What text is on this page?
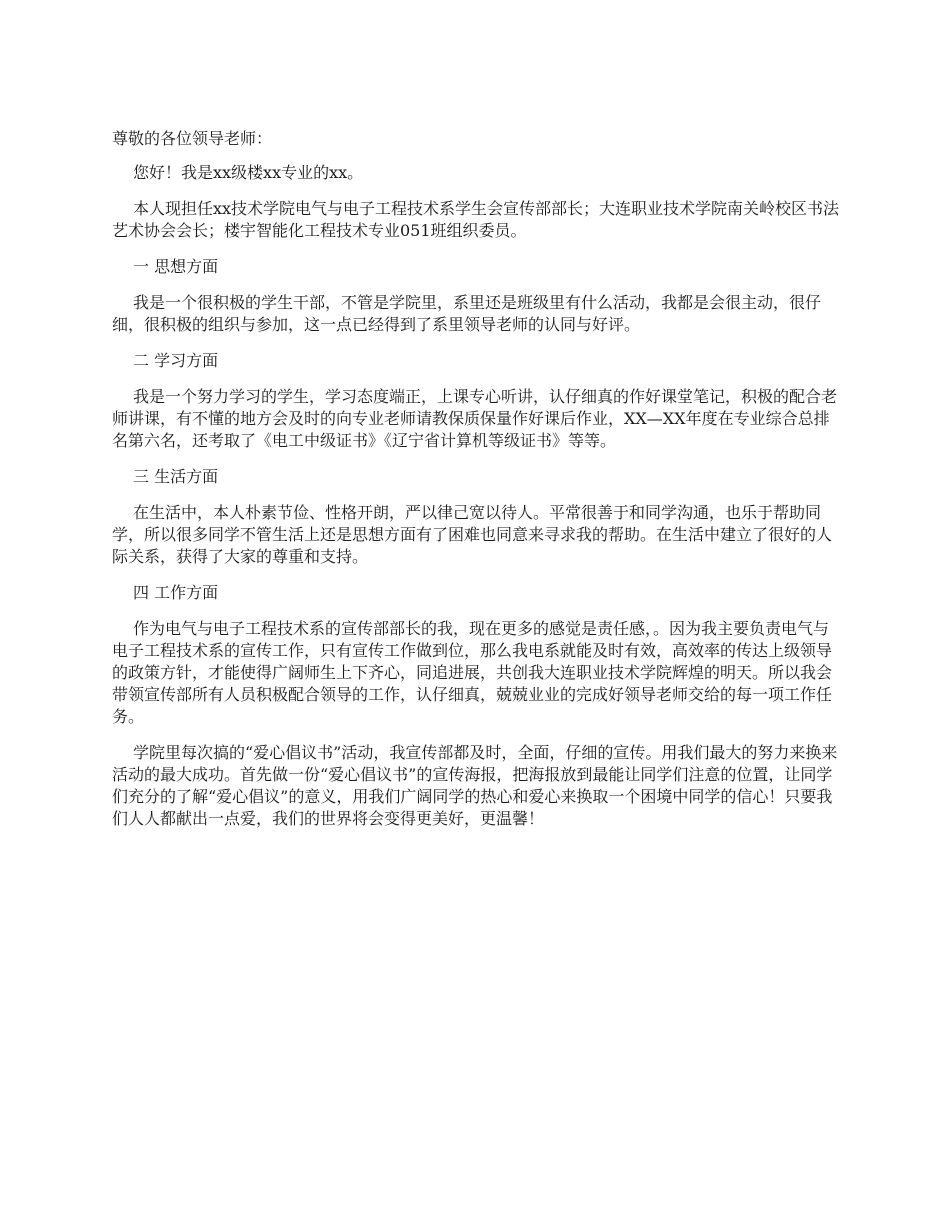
尊敬的各位领导老师：

您好！我是xx级楼xx专业的xx。

本人现担任xx技术学院电气与电子工程技术系学生会宣传部部长；大连职业技术学院南关岭校区书法艺术协会会长；楼宇智能化工程技术专业051班组织委员。

一 思想方面

我是一个很积极的学生干部，不管是学院里，系里还是班级里有什么活动，我都是会很主动，很仔细，很积极的组织与参加，这一点已经得到了系里领导老师的认同与好评。

二 学习方面

我是一个努力学习的学生，学习态度端正，上课专心听讲，认仔细真的作好课堂笔记，积极的配合老师讲课，有不懂的地方会及时的向专业老师请教保质保量作好课后作业，XX—XX年度在专业综合总排名第六名，还考取了《电工中级证书》《辽宁省计算机等级证书》等等。

三 生活方面

在生活中，本人朴素节俭、性格开朗，严以律己宽以待人。平常很善于和同学沟通，也乐于帮助同学，所以很多同学不管生活上还是思想方面有了困难也同意来寻求我的帮助。在生活中建立了很好的人际关系，获得了大家的尊重和支持。

四 工作方面

作为电气与电子工程技术系的宣传部部长的我，现在更多的感觉是责任感，。因为我主要负责电气与电子工程技术系的宣传工作，只有宣传工作做到位，那么我电系就能及时有效，高效率的传达上级领导的政策方针，才能使得广阔师生上下齐心，同追进展，共创我大连职业技术学院辉煌的明天。所以我会带领宣传部所有人员积极配合领导的工作，认仔细真，兢兢业业的完成好领导老师交给的每一项工作任务。

学院里每次搞的“爱心倡议书”活动，我宣传部都及时，全面，仔细的宣传。用我们最大的努力来换来活动的最大成功。首先做一份“爱心倡议书”的宣传海报，把海报放到最能让同学们注意的位置，让同学们充分的了解“爱心倡议”的意义，用我们广阔同学的热心和爱心来换取一个困境中同学的信心！只要我们人人都献出一点爱，我们的世界将会变得更美好，更温馨！
